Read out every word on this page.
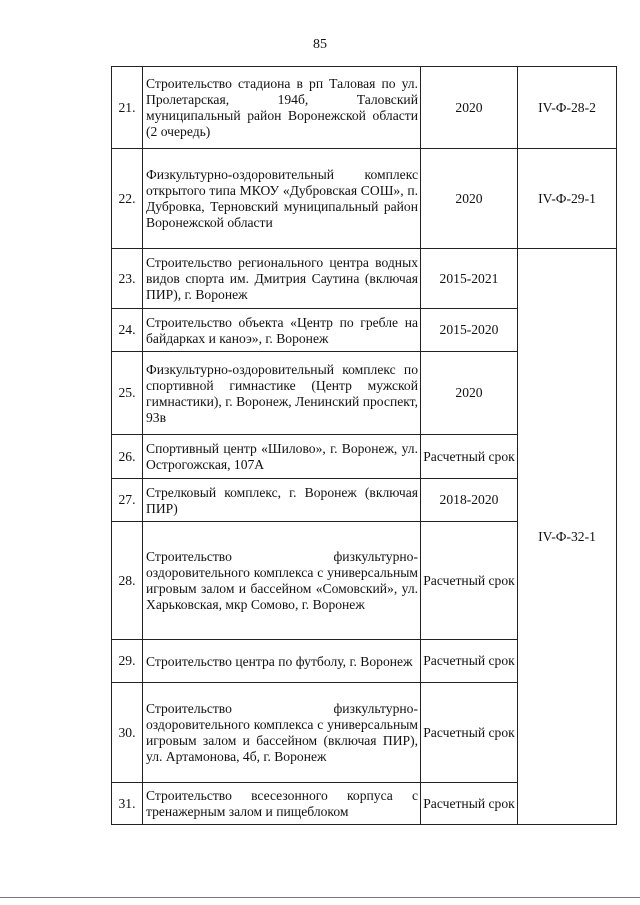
85
21.	Строительство стадиона в рп Таловая по ул. Пролетарская, 194б, Таловский муниципальный район Воронежской области (2 очередь)	2020	IV-Ф-28-2
22.	Физкультурно-оздоровительный комплекс открытого типа МКОУ «Дубровская СОШ», п. Дубровка, Терновский муниципальный район Воронежской области	2020	IV-Ф-29-1
23.	Строительство регионального центра водных видов спорта им. Дмитрия Саутина (включая ПИР), г. Воронеж	2015-2021	IV-Ф-32-1
24.	Строительство объекта «Центр по гребле на байдарках и каноэ», г. Воронеж	2015-2020	
25.	Физкультурно-оздоровительный комплекс по спортивной гимнастике (Центр мужской гимнастики), г. Воронеж, Ленинский проспект, 93в	2020	
26.	Спортивный центр «Шилово», г. Воронеж, ул. Острогожская, 107А	Расчетный срок	
27.	Стрелковый комплекс, г. Воронеж (включая ПИР)	2018-2020	
28.	Строительство физкультурно-оздоровительного комплекса с универсальным игровым залом и бассейном «Сомовский», ул. Харьковская, мкр Сомово, г. Воронеж	Расчетный срок	
29.	Строительство центра по футболу, г. Воронеж	Расчетный срок	
30.	Строительство физкультурно-оздоровительного комплекса с универсальным игровым залом и бассейном (включая ПИР), ул. Артамонова, 4б, г. Воронеж	Расчетный срок	
31.	Строительство всесезонного корпуса с тренажерным залом и пищеблоком	Расчетный срок	
